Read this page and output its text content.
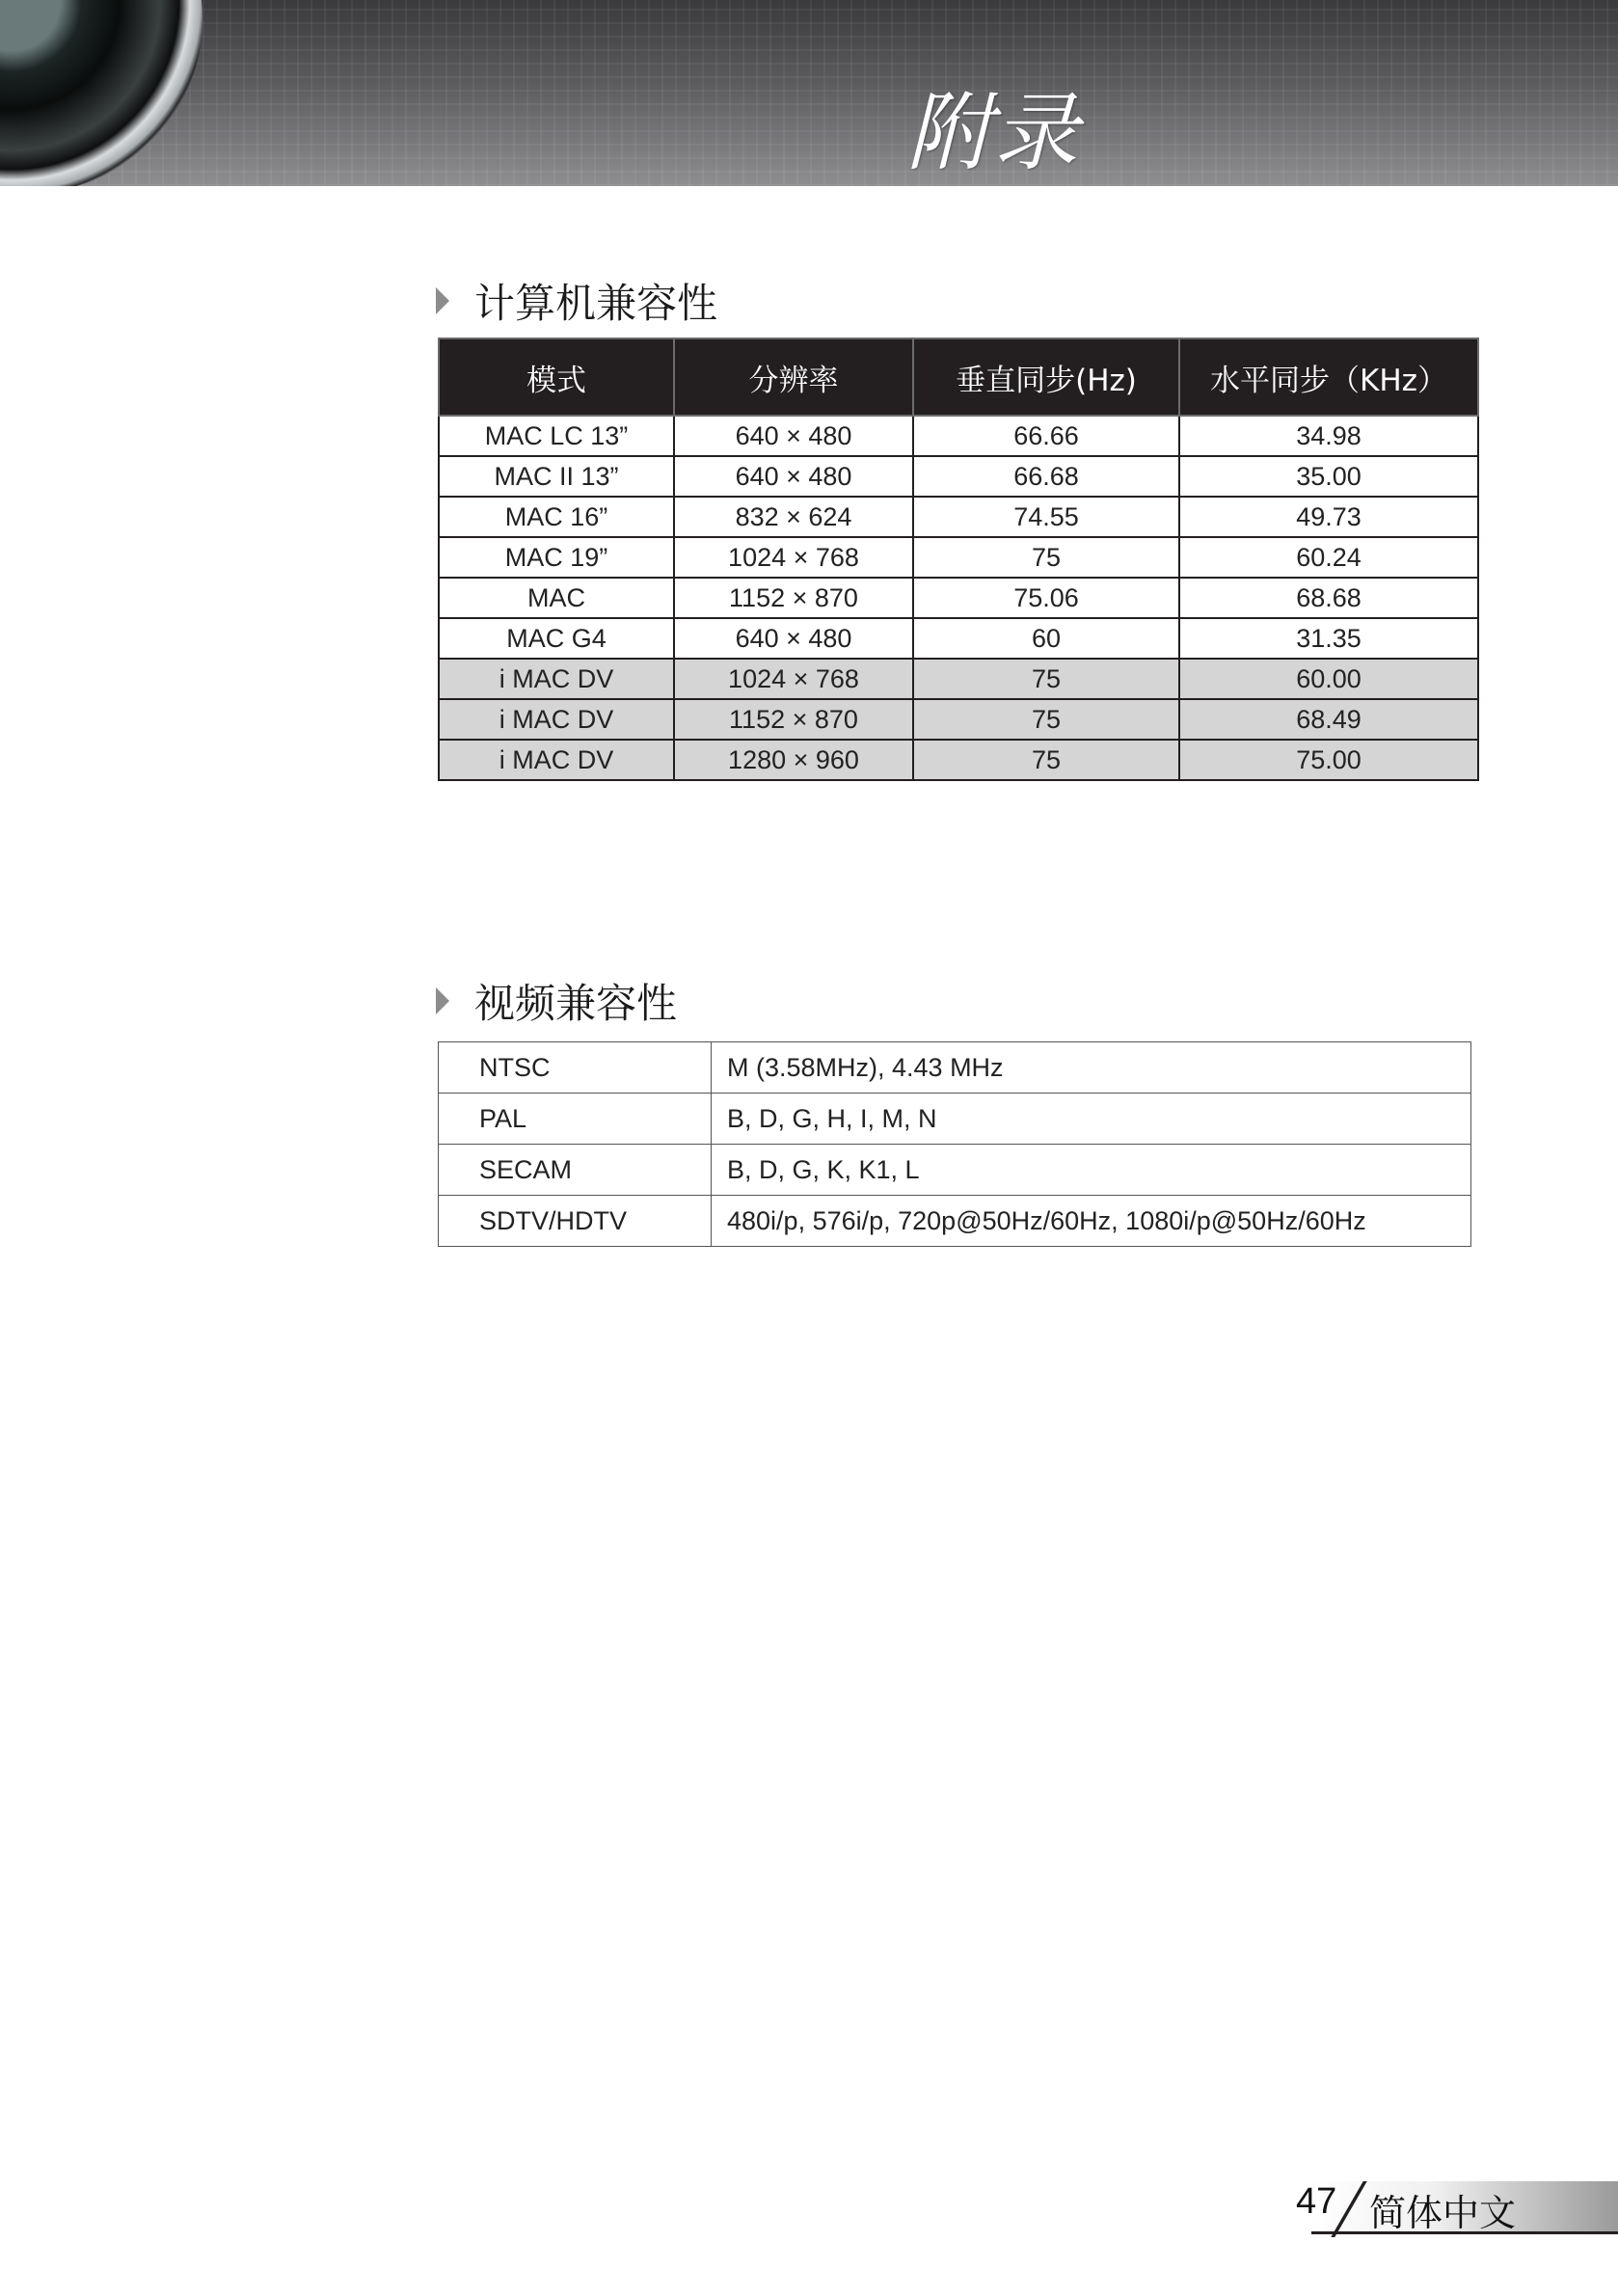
附录
计算机兼容性
模式	分辨率	垂直同步(Hz)	水平同步（KHz）
MAC LC 13”	640 × 480	66.66	34.98
MAC II 13”	640 × 480	66.68	35.00
MAC 16”	832 × 624	74.55	49.73
MAC 19”	1024 × 768	75	60.24
MAC	1152 × 870	75.06	68.68
MAC G4	640 × 480	60	31.35
i MAC DV	1024 × 768	75	60.00
i MAC DV	1152 × 870	75	68.49
i MAC DV	1280 × 960	75	75.00
视频兼容性
NTSC	M (3.58MHz), 4.43 MHz
PAL	B, D, G, H, I, M, N
SECAM	B, D, G, K, K1, L
SDTV/HDTV	480i/p, 576i/p, 720p@50Hz/60Hz, 1080i/p@50Hz/60Hz
47 简体中文
